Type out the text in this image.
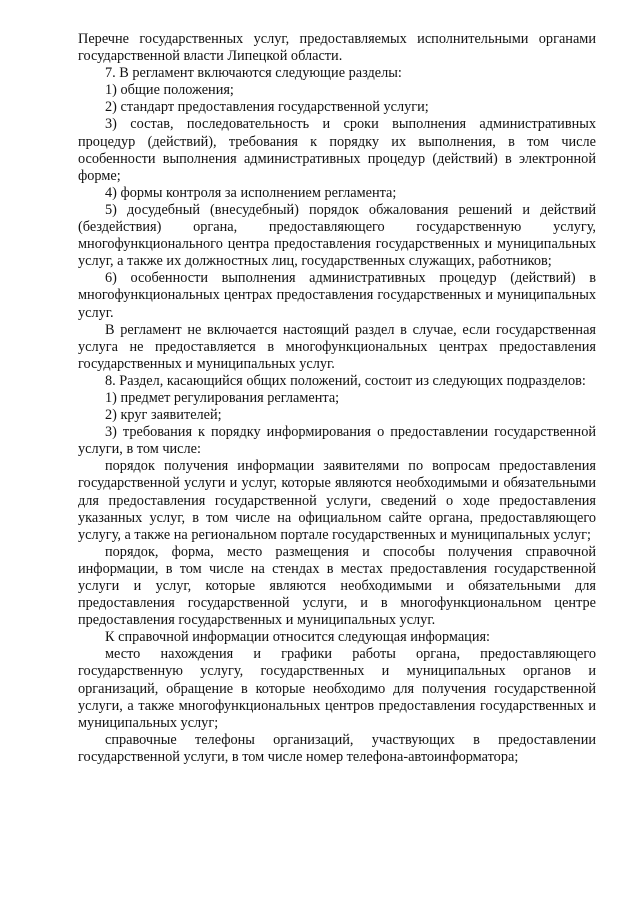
Перечне государственных услуг, предоставляемых исполнительными органами государственной власти Липецкой области.

7. В регламент включаются следующие разделы:

1) общие положения;

2) стандарт предоставления государственной услуги;

3) состав, последовательность и сроки выполнения административных процедур (действий), требования к порядку их выполнения, в том числе особенности выполнения административных процедур (действий) в электронной форме;

4) формы контроля за исполнением регламента;

5) досудебный (внесудебный) порядок обжалования решений и действий (бездействия) органа, предоставляющего государственную услугу, многофункционального центра предоставления государственных и муниципальных услуг, а также их должностных лиц, государственных служащих, работников;

6) особенности выполнения административных процедур (действий) в многофункциональных центрах предоставления государственных и муниципальных услуг.

В регламент не включается настоящий раздел в случае, если государственная услуга не предоставляется в многофункциональных центрах предоставления государственных и муниципальных услуг.

8. Раздел, касающийся общих положений, состоит из следующих подразделов:

1) предмет регулирования регламента;

2) круг заявителей;

3) требования к порядку информирования о предоставлении государственной услуги, в том числе:

порядок получения информации заявителями по вопросам предоставления государственной услуги и услуг, которые являются необходимыми и обязательными для предоставления государственной услуги, сведений о ходе предоставления указанных услуг, в том числе на официальном сайте органа, предоставляющего услугу, а также на региональном портале государственных и муниципальных услуг;

порядок, форма, место размещения и способы получения справочной информации, в том числе на стендах в местах предоставления государственной услуги и услуг, которые являются необходимыми и обязательными для предоставления государственной услуги, и в многофункциональном центре предоставления государственных и муниципальных услуг.

К справочной информации относится следующая информация:

место нахождения и графики работы органа, предоставляющего государственную услугу, государственных и муниципальных органов и организаций, обращение в которые необходимо для получения государственной услуги, а также многофункциональных центров предоставления государственных и муниципальных услуг;

справочные телефоны организаций, участвующих в предоставлении государственной услуги, в том числе номер телефона-автоинформатора;
